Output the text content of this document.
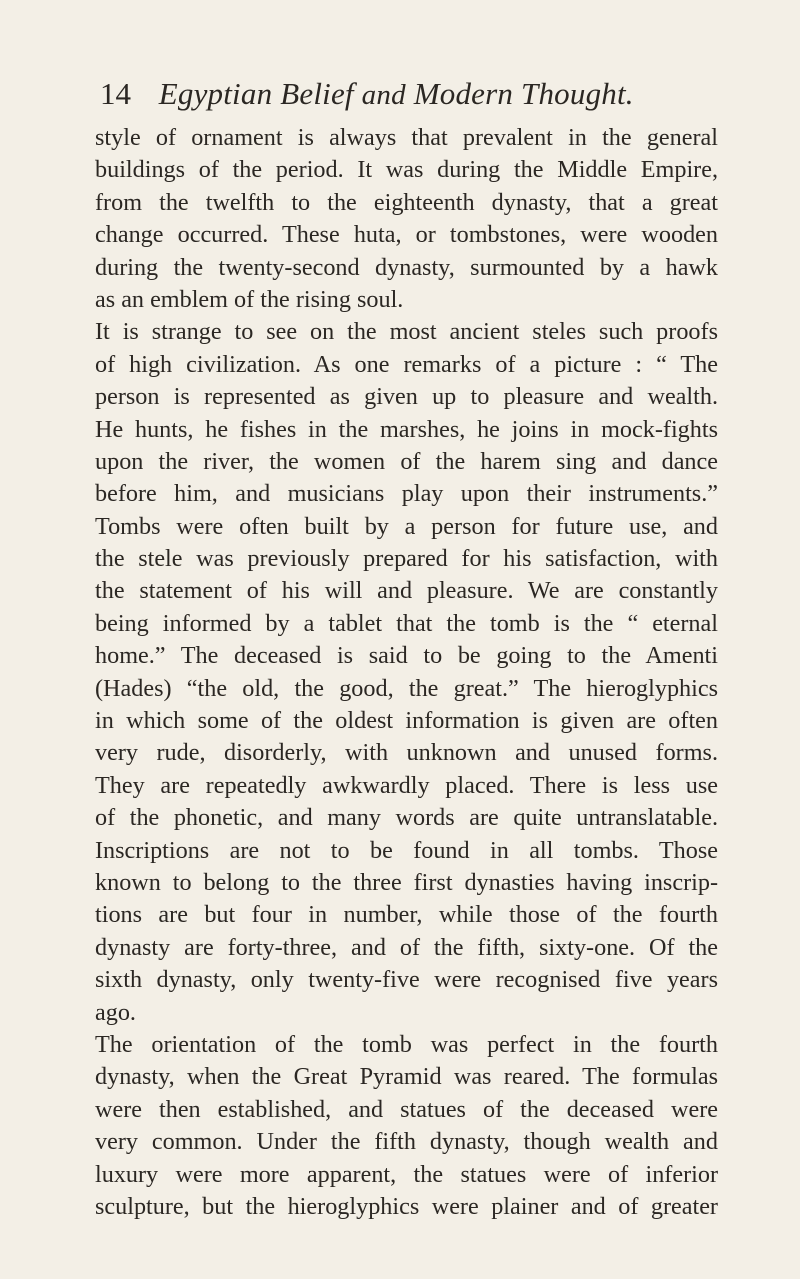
14 Egyptian Belief and Modern Thought.
style of ornament is always that prevalent in the general
buildings of the period. It was during the Middle Empire,
from the twelfth to the eighteenth dynasty, that a great
change occurred. These huta, or tombstones, were wooden
during the twenty-second dynasty, surmounted by a hawk
as an emblem of the rising soul.
It is strange to see on the most ancient steles such proofs
of high civilization. As one remarks of a picture : “ The
person is represented as given up to pleasure and wealth.
He hunts, he fishes in the marshes, he joins in mock-fights
upon the river, the women of the harem sing and dance
before him, and musicians play upon their instruments.”
Tombs were often built by a person for future use, and
the stele was previously prepared for his satisfaction, with
the statement of his will and pleasure. We are constantly
being informed by a tablet that the tomb is the “ eternal
home.” The deceased is said to be going to the Amenti
(Hades) “the old, the good, the great.” The hieroglyphics
in which some of the oldest information is given are often
very rude, disorderly, with unknown and unused forms.
They are repeatedly awkwardly placed. There is less use
of the phonetic, and many words are quite untranslatable.
Inscriptions are not to be found in all tombs. Those
known to belong to the three first dynasties having inscrip-
tions are but four in number, while those of the fourth
dynasty are forty-three, and of the fifth, sixty-one. Of the
sixth dynasty, only twenty-five were recognised five years
ago.
The orientation of the tomb was perfect in the fourth
dynasty, when the Great Pyramid was reared. The formulas
were then established, and statues of the deceased were
very common. Under the fifth dynasty, though wealth and
luxury were more apparent, the statues were of inferior
sculpture, but the hieroglyphics were plainer and of greater
